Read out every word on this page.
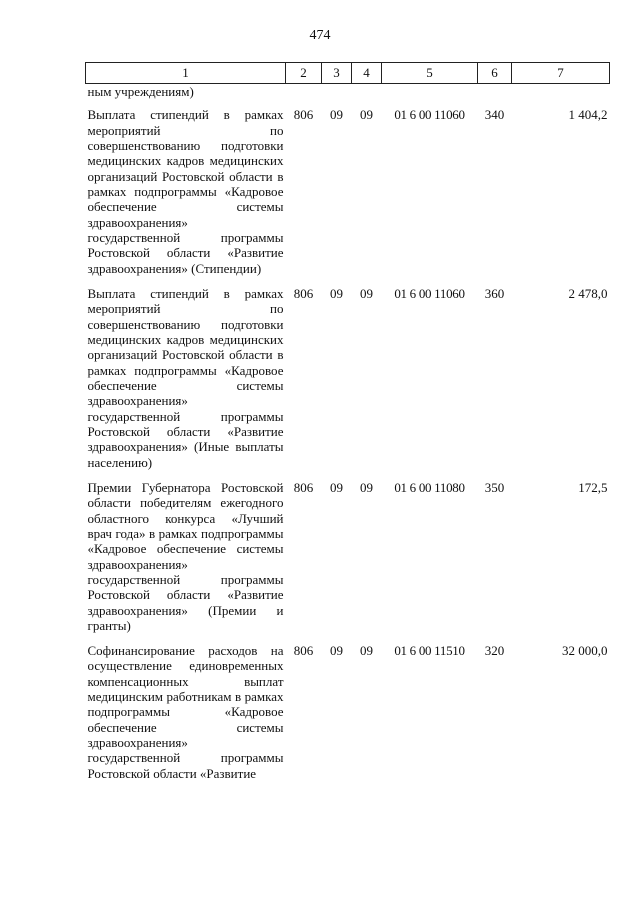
474
1	2	3	4	5	6	7
ным учреждениям)						
Выплата стипендий в рамках мероприятий по совершенствованию подготовки медицинских кадров медицинских организаций Ростовской области в рамках подпрограммы «Кадровое обеспечение системы здравоохранения» государственной программы Ростовской области «Развитие здравоохранения» (Стипендии)	806	09	09	01 6 00 11060	340	1 404,2
Выплата стипендий в рамках мероприятий по совершенствованию подготовки медицинских кадров медицинских организаций Ростовской области в рамках подпрограммы «Кадровое обеспечение системы здравоохранения» государственной программы Ростовской области «Развитие здравоохранения» (Иные выплаты населению)	806	09	09	01 6 00 11060	360	2 478,0
Премии Губернатора Ростовской области победителям ежегодного областного конкурса «Лучший врач года» в рамках подпрограммы «Кадровое обеспечение системы здравоохранения» государственной программы Ростовской области «Развитие здравоохранения» (Премии и гранты)	806	09	09	01 6 00 11080	350	172,5
Софинансирование расходов на осуществление единовременных компенсационных выплат медицинским работникам в рамках подпрограммы «Кадровое обеспечение системы здравоохранения» государственной программы Ростовской области «Развитие	806	09	09	01 6 00 11510	320	32 000,0
